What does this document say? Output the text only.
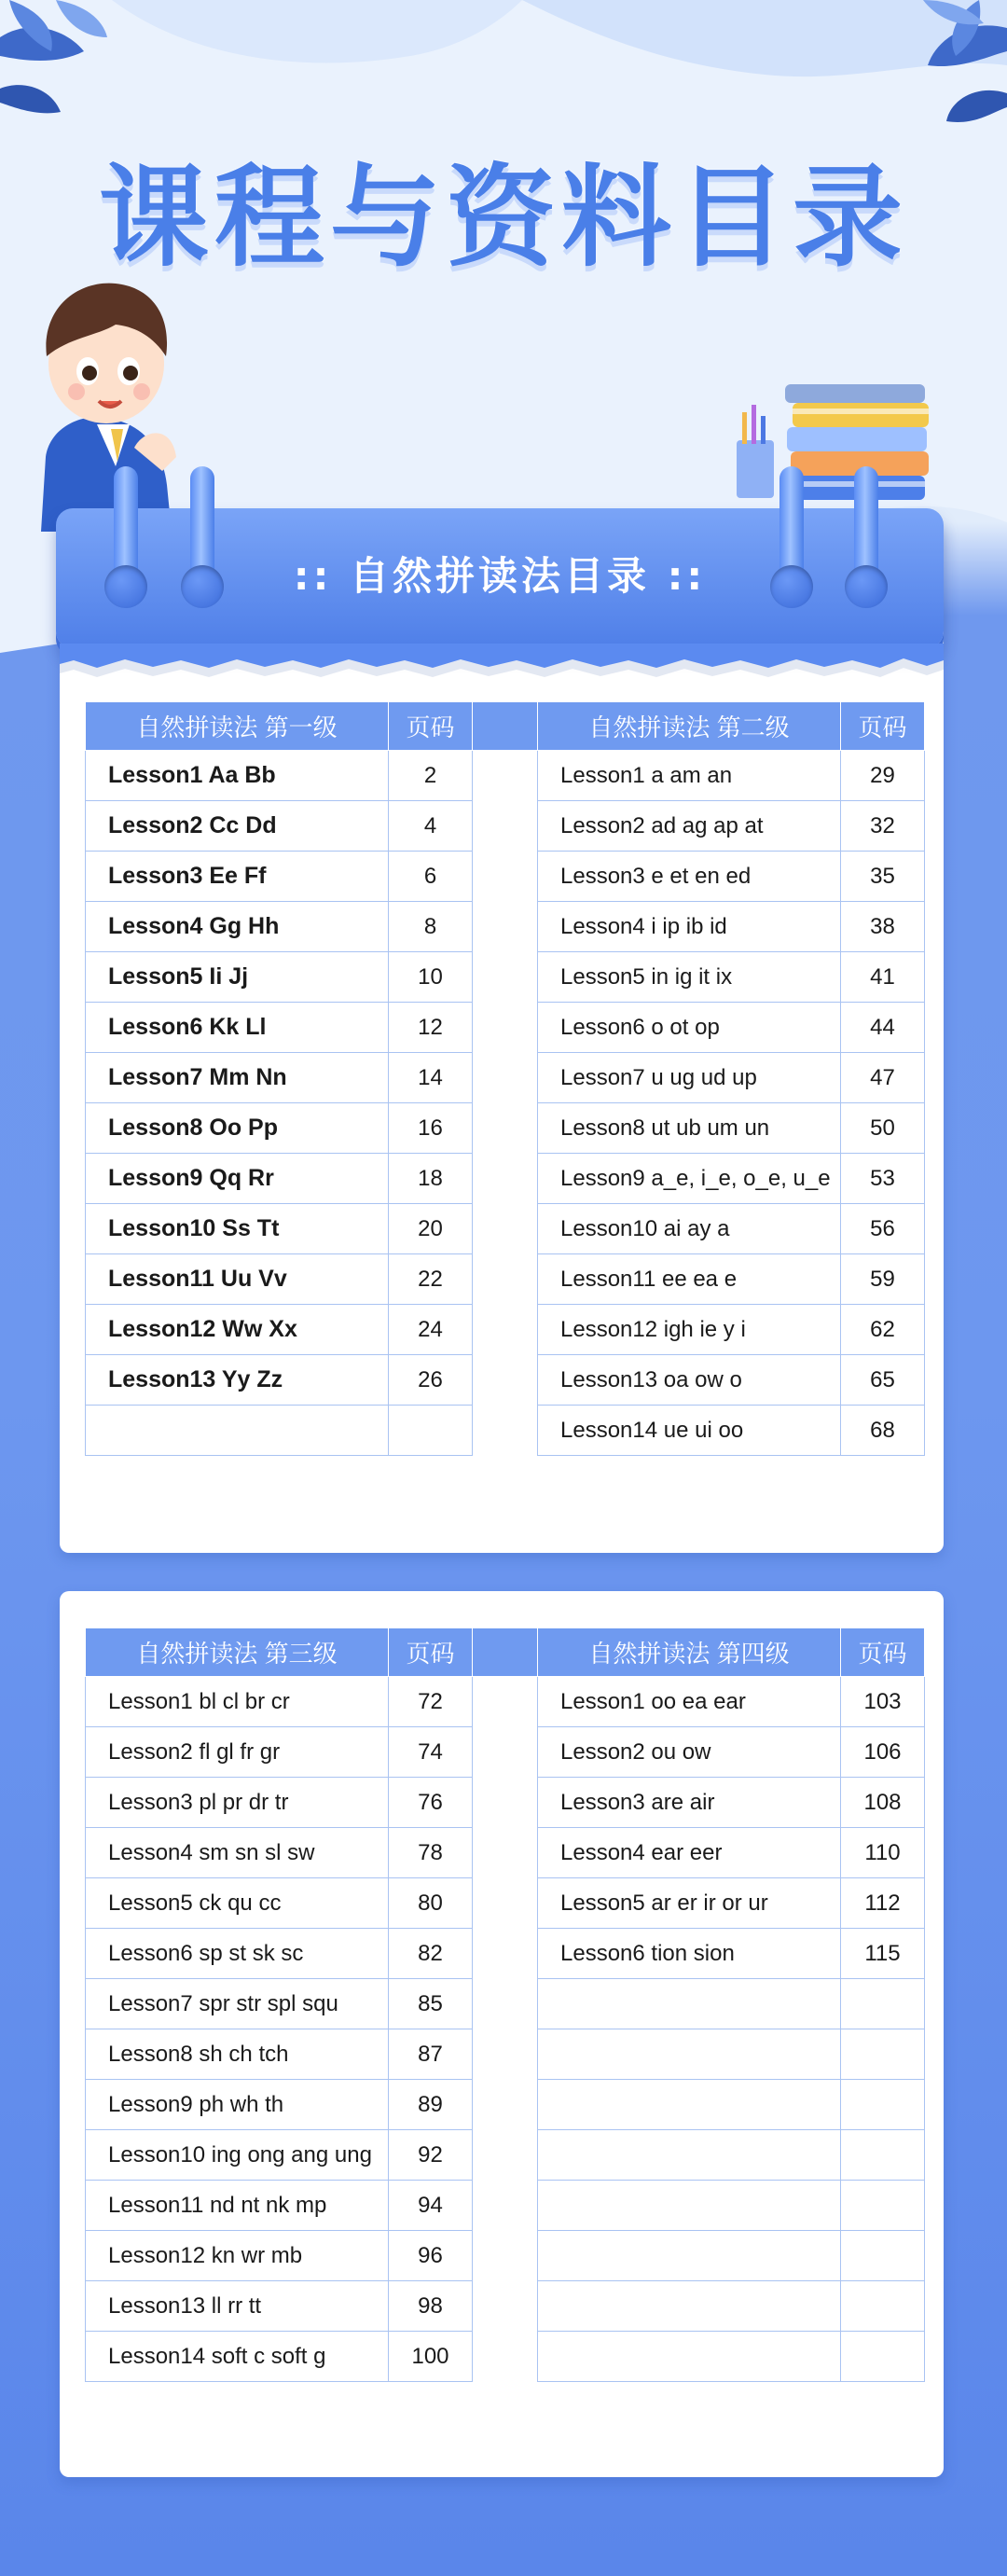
课程与资料目录
:: 自然拼读法目录 ::
自然拼读法 第一级	页码		自然拼读法 第二级	页码
Lesson1 Aa Bb	2		Lesson1 a am an	29
Lesson2 Cc Dd	4		Lesson2 ad ag ap at	32
Lesson3 Ee Ff	6		Lesson3 e et en ed	35
Lesson4 Gg Hh	8		Lesson4 i ip ib id	38
Lesson5 Ii Jj	10		Lesson5 in ig it ix	41
Lesson6 Kk Ll	12		Lesson6 o ot op	44
Lesson7 Mm Nn	14		Lesson7 u ug ud up	47
Lesson8 Oo Pp	16		Lesson8 ut ub um un	50
Lesson9 Qq Rr	18		Lesson9 a_e, i_e, o_e, u_e	53
Lesson10 Ss Tt	20		Lesson10 ai ay a	56
Lesson11 Uu Vv	22		Lesson11 ee ea e	59
Lesson12 Ww Xx	24		Lesson12 igh ie y i	62
Lesson13 Yy Zz	26		Lesson13 oa ow o	65
			Lesson14 ue ui oo	68
自然拼读法 第三级	页码		自然拼读法 第四级	页码
Lesson1 bl cl br cr	72		Lesson1 oo ea ear	103
Lesson2 fl gl fr gr	74		Lesson2 ou ow	106
Lesson3 pl pr dr tr	76		Lesson3 are air	108
Lesson4 sm sn sl sw	78		Lesson4 ear eer	110
Lesson5 ck qu cc	80		Lesson5 ar er ir or ur	112
Lesson6 sp st sk sc	82		Lesson6 tion sion	115
Lesson7 spr str spl squ	85			
Lesson8 sh ch tch	87			
Lesson9 ph wh th	89			
Lesson10 ing ong ang ung	92			
Lesson11 nd nt nk mp	94			
Lesson12 kn wr mb	96			
Lesson13 ll rr tt	98			
Lesson14 soft c soft g	100			
